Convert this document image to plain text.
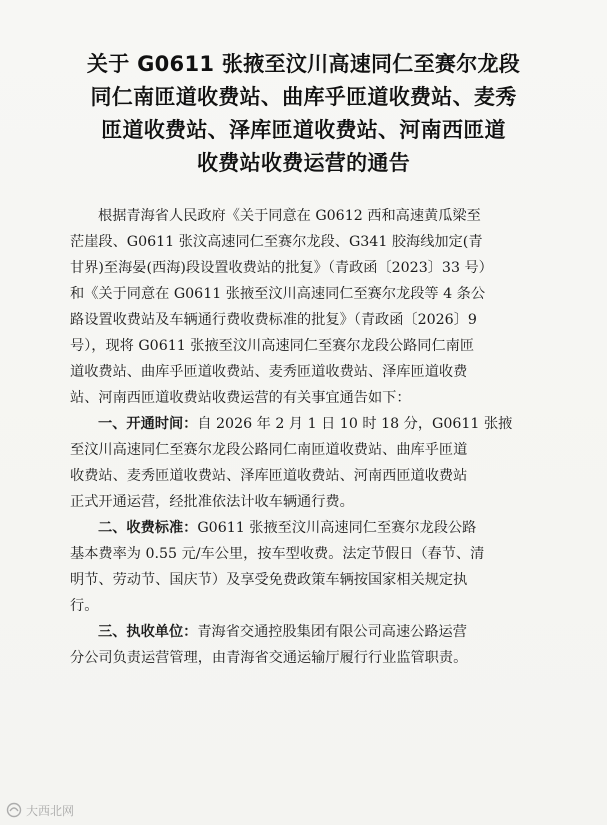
关于 G0611 张掖至汶川高速同仁至赛尔龙段
同仁南匝道收费站、曲库乎匝道收费站、麦秀
匝道收费站、泽库匝道收费站、河南西匝道
收费站收费运营的通告
根据青海省人民政府《关于同意在 G0612 西和高速黄瓜梁至
茫崖段、G0611 张汶高速同仁至赛尔龙段、G341 胶海线加定(青
甘界)至海晏(西海)段设置收费站的批复》（青政函〔2023〕33 号）
和《关于同意在 G0611 张掖至汶川高速同仁至赛尔龙段等 4 条公
路设置收费站及车辆通行费收费标准的批复》（青政函〔2026〕9
号），现将 G0611 张掖至汶川高速同仁至赛尔龙段公路同仁南匝
道收费站、曲库乎匝道收费站、麦秀匝道收费站、泽库匝道收费
站、河南西匝道收费站收费运营的有关事宜通告如下：
一、开通时间：自 2026 年 2 月 1 日 10 时 18 分，G0611 张掖
至汶川高速同仁至赛尔龙段公路同仁南匝道收费站、曲库乎匝道
收费站、麦秀匝道收费站、泽库匝道收费站、河南西匝道收费站
正式开通运营，经批准依法计收车辆通行费。
二、收费标准：G0611 张掖至汶川高速同仁至赛尔龙段公路
基本费率为 0.55 元/车公里，按车型收费。法定节假日（春节、清
明节、劳动节、国庆节）及享受免费政策车辆按国家相关规定执
行。
三、执收单位：青海省交通控股集团有限公司高速公路运营
分公司负责运营管理，由青海省交通运输厅履行行业监管职责。
大西北网
